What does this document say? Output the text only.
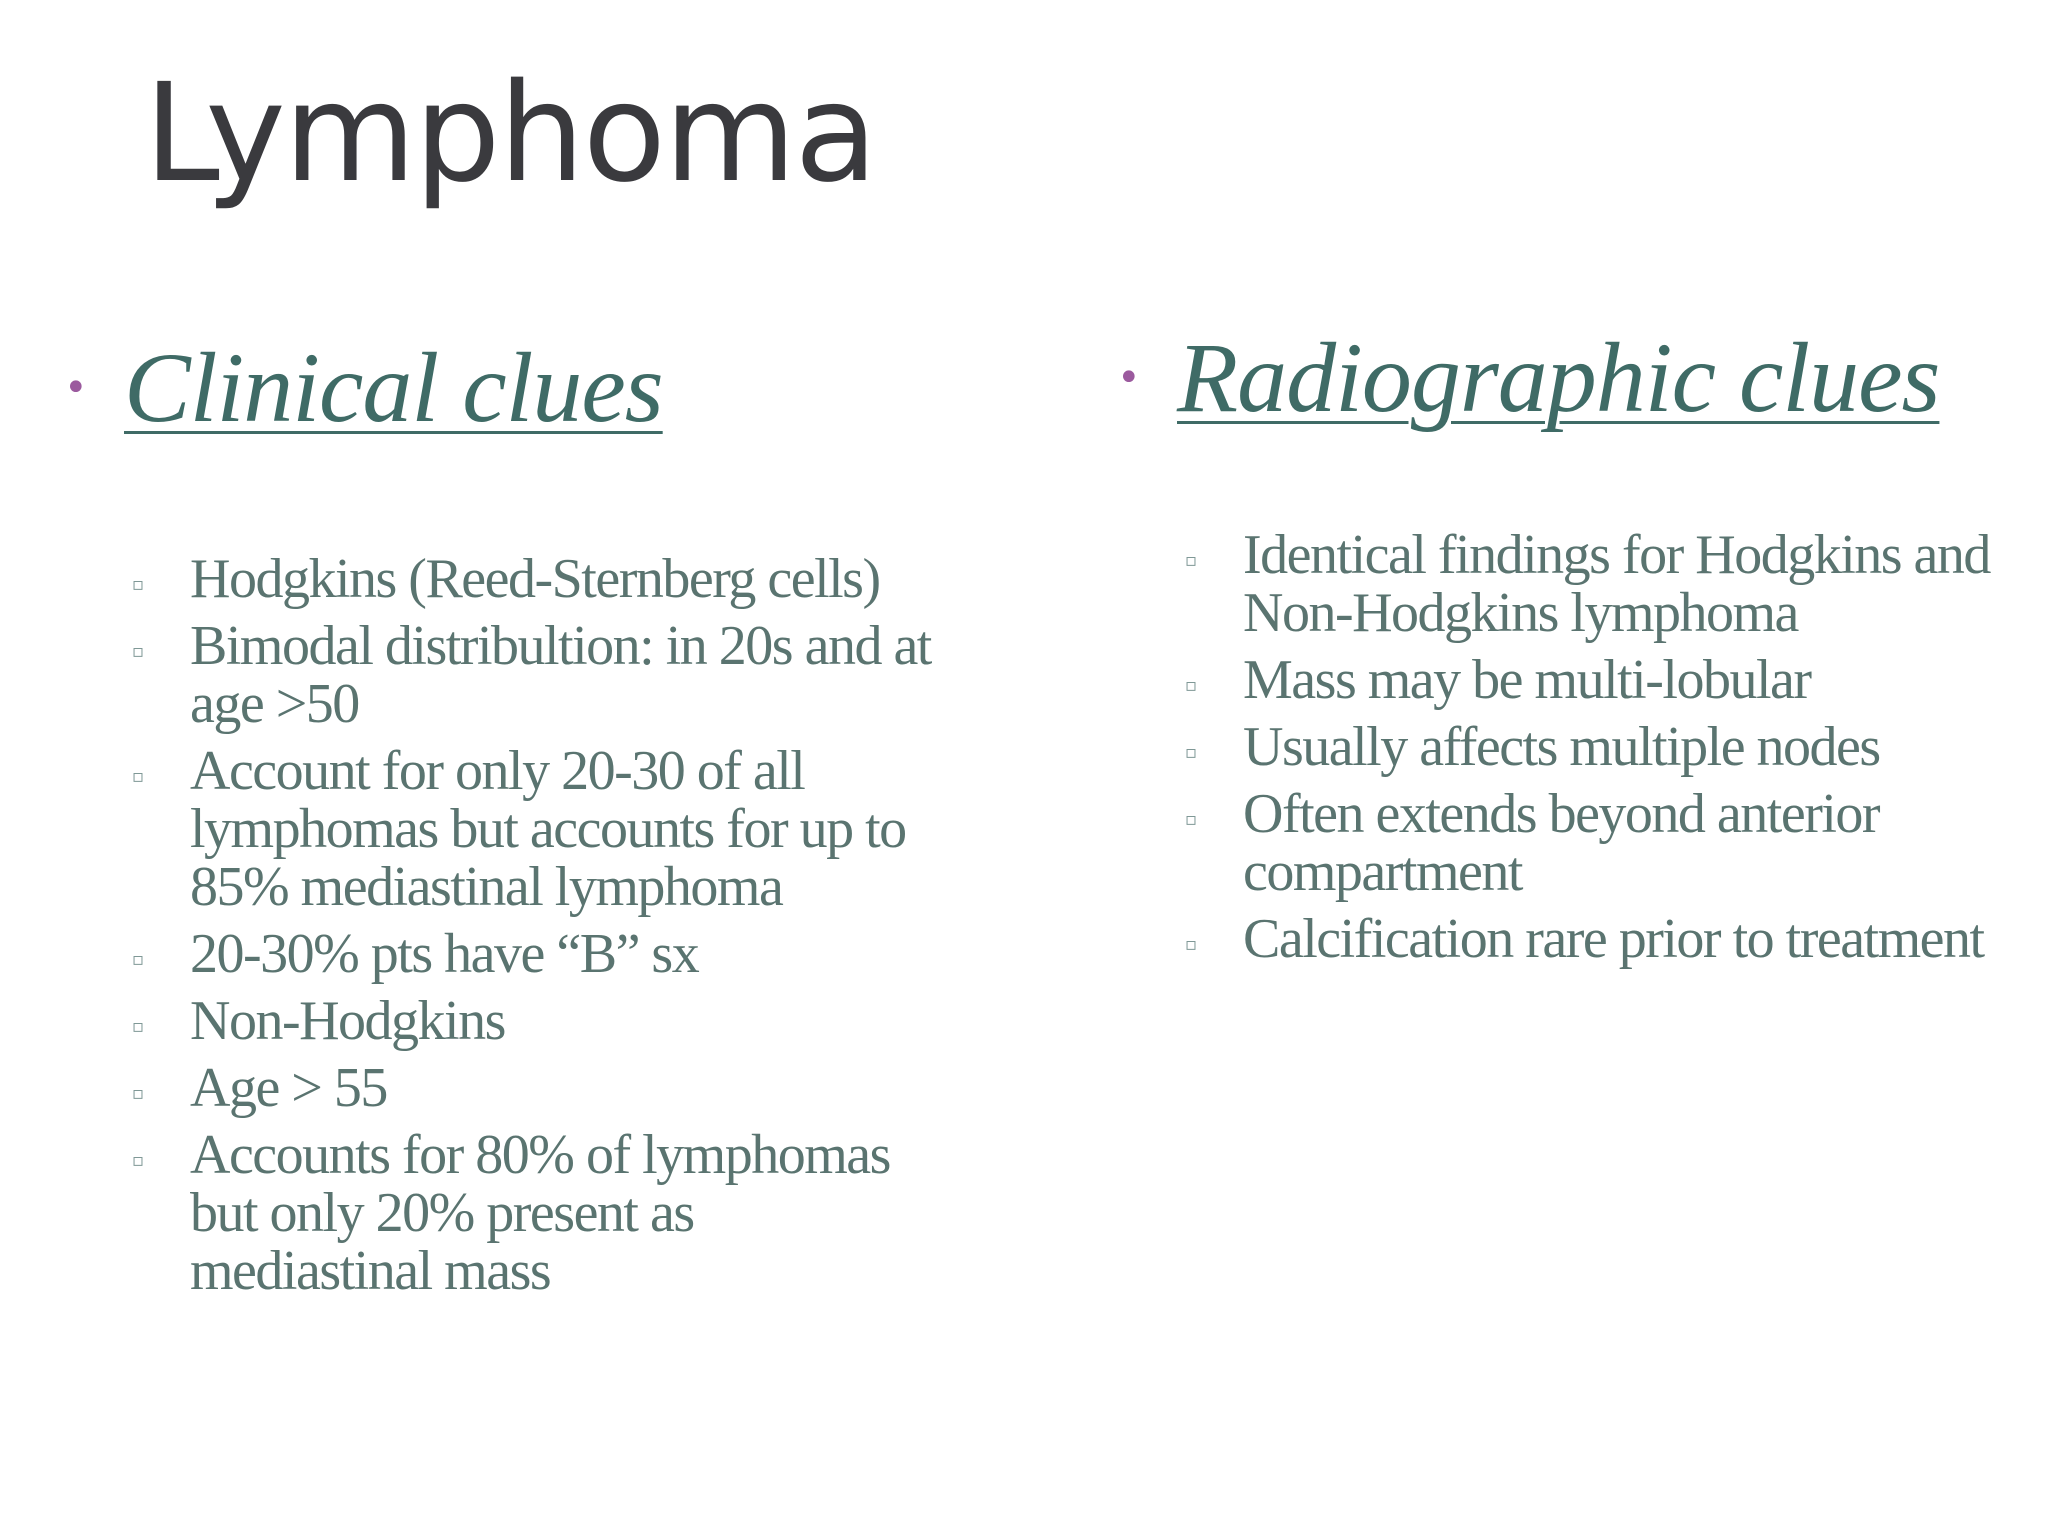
Lymphoma
• Clinical clues
▫ Hodgkins (Reed-Sternberg cells)
▫ Bimodal distribultion: in 20s and at age >50
▫ Account for only 20-30 of all lymphomas but accounts for up to 85% mediastinal lymphoma
▫ 20-30% pts have “B” sx
▫ Non-Hodgkins
▫ Age > 55
▫ Accounts for 80% of lymphomas but only 20% present as mediastinal mass
• Radiographic clues
▫ Identical findings for Hodgkins and Non-Hodgkins lymphoma
▫ Mass may be multi-lobular
▫ Usually affects multiple nodes
▫ Often extends beyond anterior compartment
▫ Calcification rare prior to treatment
